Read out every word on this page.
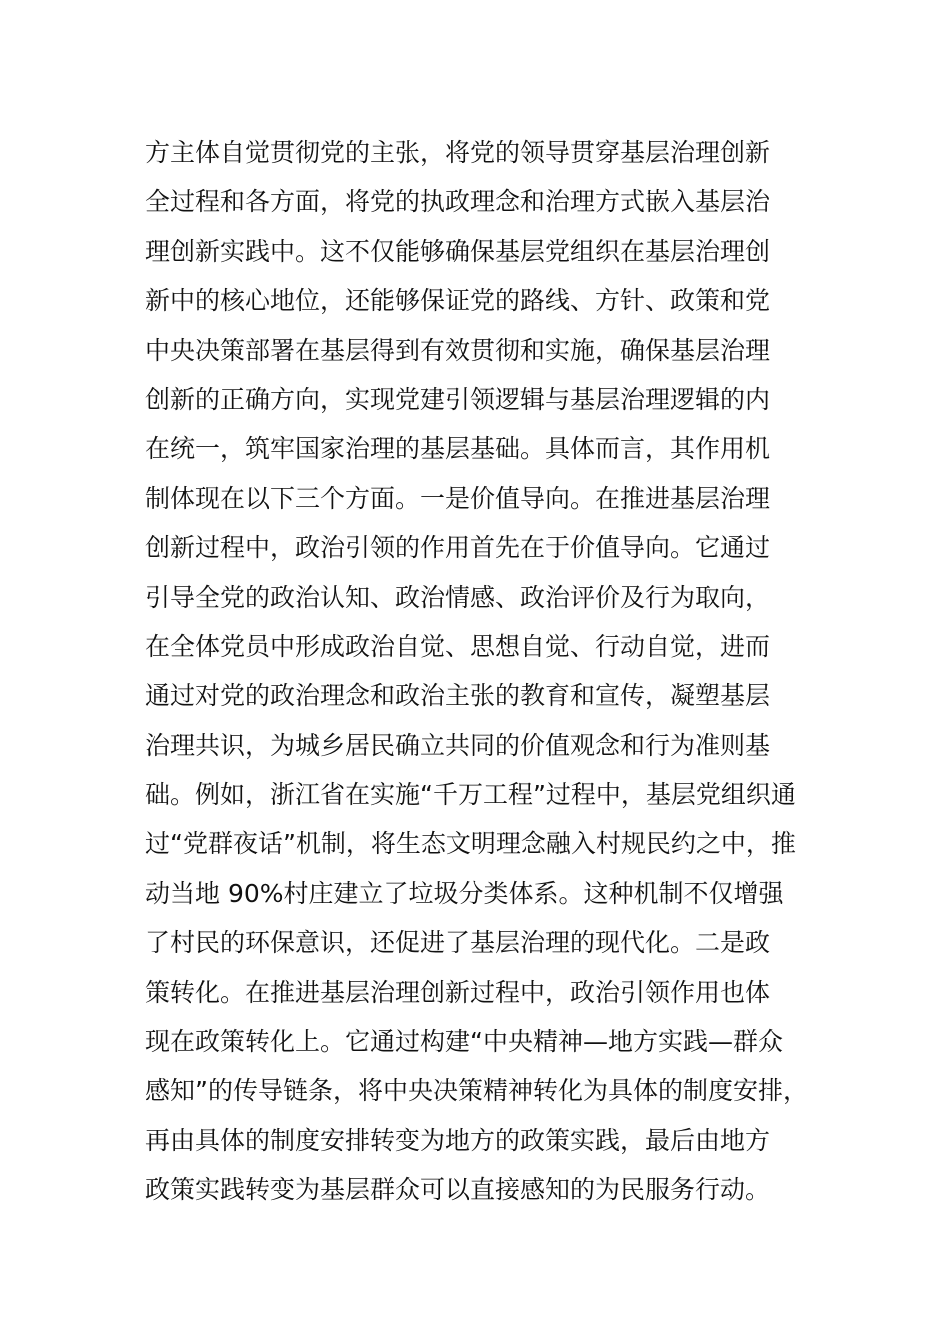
方主体自觉贯彻党的主张，将党的领导贯穿基层治理创新

全过程和各方面，将党的执政理念和治理方式嵌入基层治

理创新实践中。这不仅能够确保基层党组织在基层治理创

新中的核心地位，还能够保证党的路线、方针、政策和党

中央决策部署在基层得到有效贯彻和实施，确保基层治理

创新的正确方向，实现党建引领逻辑与基层治理逻辑的内

在统一，筑牢国家治理的基层基础。具体而言，其作用机

制体现在以下三个方面。一是价值导向。在推进基层治理

创新过程中，政治引领的作用首先在于价值导向。它通过

引导全党的政治认知、政治情感、政治评价及行为取向，

在全体党员中形成政治自觉、思想自觉、行动自觉，进而

通过对党的政治理念和政治主张的教育和宣传，凝塑基层

治理共识，为城乡居民确立共同的价值观念和行为准则基

础。例如，浙江省在实施“千万工程”过程中，基层党组织通

过“党群夜话”机制，将生态文明理念融入村规民约之中，推

动当地 90%村庄建立了垃圾分类体系。这种机制不仅增强

了村民的环保意识，还促进了基层治理的现代化。二是政

策转化。在推进基层治理创新过程中，政治引领作用也体

现在政策转化上。它通过构建“中央精神—地方实践—群众

感知”的传导链条，将中央决策精神转化为具体的制度安排，

再由具体的制度安排转变为地方的政策实践，最后由地方

政策实践转变为基层群众可以直接感知的为民服务行动。
